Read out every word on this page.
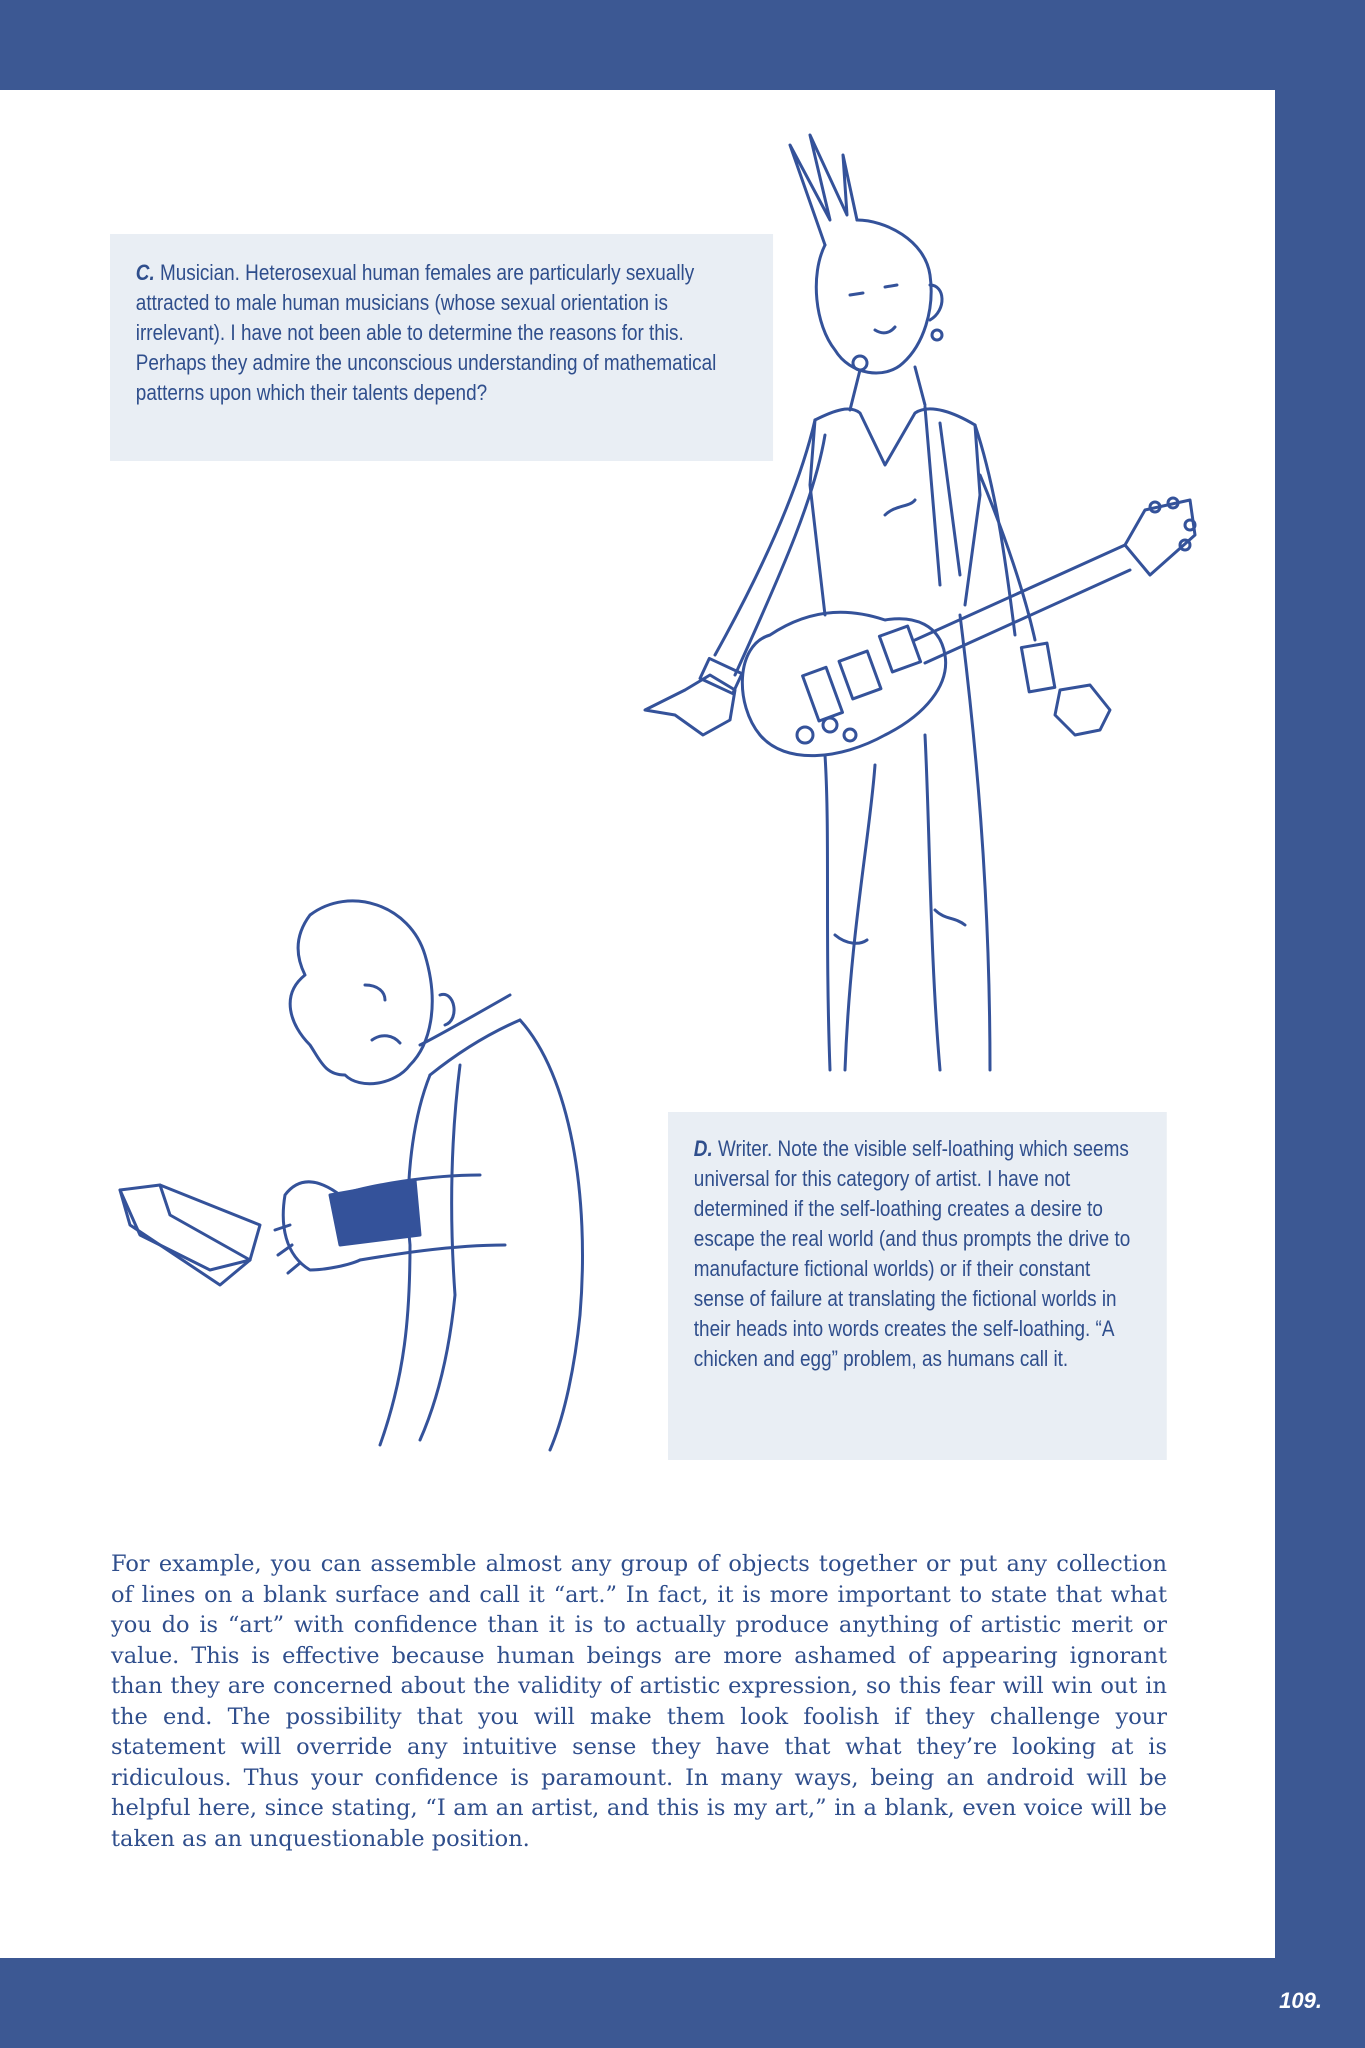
C. Musician. Heterosexual human females are particularly sexually attracted to male human musicians (whose sexual orientation is irrelevant). I have not been able to determine the reasons for this. Perhaps they admire the unconscious understanding of mathematical patterns upon which their talents depend?
D. Writer. Note the visible self-loathing which seems universal for this category of artist. I have not determined if the self-loathing creates a desire to escape the real world (and thus prompts the drive to manufacture fictional worlds) or if their constant sense of failure at translating the fictional worlds in their heads into words creates the self-loathing. “A chicken and egg” problem, as humans call it.

For example, you can assemble almost any group of objects together or put any collection of lines on a blank surface and call it “art.” In fact, it is more important to state that what you do is “art” with confidence than it is to actually produce anything of artistic merit or value. This is effective because human beings are more ashamed of appearing ignorant than they are concerned about the validity of artistic expression, so this fear will win out in the end. The possibility that you will make them look foolish if they challenge your statement will override any intuitive sense they have that what they’re looking at is ridiculous. Thus your confidence is paramount. In many ways, being an android will be helpful here, since stating, “I am an artist, and this is my art,” in a blank, even voice will be taken as an unquestionable position.

109.
